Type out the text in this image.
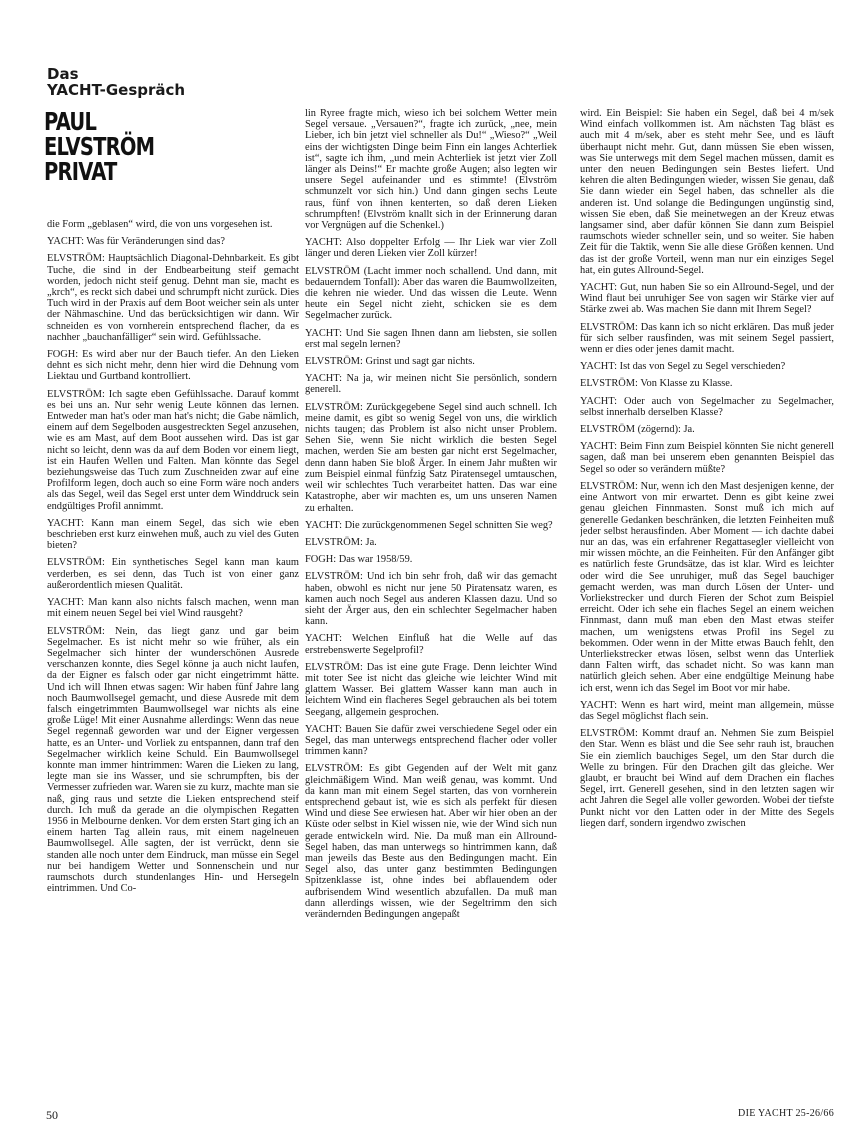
Das
YACHT-Gespräch
PAUL
ELVSTRÖM
PRIVAT

die Form „geblasen“ wird, die von uns vorgesehen ist.

YACHT: Was für Veränderungen sind das?

ELVSTRÖM: Hauptsächlich Diagonal-Dehnbarkeit. Es gibt Tuche, die sind in der Endbearbeitung steif gemacht worden, jedoch nicht steif genug. Dehnt man sie, macht es „krch“, es reckt sich dabei und schrumpft nicht zurück. Dies Tuch wird in der Praxis auf dem Boot weicher sein als unter der Nähmaschine. Und das berücksichtigen wir dann. Wir schneiden es von vornherein entsprechend flacher, da es nachher „bauchanfälliger“ sein wird. Gefühlssache.

FOGH: Es wird aber nur der Bauch tiefer. An den Lieken dehnt es sich nicht mehr, denn hier wird die Dehnung vom Liektau und Gurtband kontrolliert.

ELVSTRÖM: Ich sagte eben Gefühlssache. Darauf kommt es bei uns an. Nur sehr wenig Leute können das lernen. Entweder man hat's oder man hat's nicht; die Gabe nämlich, einem auf dem Segelboden ausgestreckten Segel anzusehen, wie es am Mast, auf dem Boot aussehen wird. Das ist gar nicht so leicht, denn was da auf dem Boden vor einem liegt, ist ein Haufen Wellen und Falten. Man könnte das Segel beziehungsweise das Tuch zum Zuschneiden zwar auf eine Profilform legen, doch auch so eine Form wäre noch anders als das Segel, weil das Segel erst unter dem Winddruck sein endgültiges Profil annimmt.

YACHT: Kann man einem Segel, das sich wie eben beschrieben erst kurz einwehen muß, auch zu viel des Guten bieten?

ELVSTRÖM: Ein synthetisches Segel kann man kaum verderben, es sei denn, das Tuch ist von einer ganz außerordentlich miesen Qualität.

YACHT: Man kann also nichts falsch machen, wenn man mit einem neuen Segel bei viel Wind rausgeht?

ELVSTRÖM: Nein, das liegt ganz und gar beim Segelmacher. Es ist nicht mehr so wie früher, als ein Segelmacher sich hinter der wunderschönen Ausrede verschanzen konnte, dies Segel könne ja auch nicht laufen, da der Eigner es falsch oder gar nicht eingetrimmt hätte. Und ich will Ihnen etwas sagen: Wir haben fünf Jahre lang noch Baumwollsegel gemacht, und diese Ausrede mit dem falsch eingetrimmten Baumwollsegel war nichts als eine große Lüge! Mit einer Ausnahme allerdings: Wenn das neue Segel regennaß geworden war und der Eigner vergessen hatte, es an Unter- und Vorliek zu entspannen, dann traf den Segelmacher wirklich keine Schuld. Ein Baumwollsegel konnte man immer hintrimmen: Waren die Lieken zu lang, legte man sie ins Wasser, und sie schrumpften, bis der Vermesser zufrieden war. Waren sie zu kurz, machte man sie naß, ging raus und setzte die Lieken entsprechend steif durch. Ich muß da gerade an die olympischen Regatten 1956 in Melbourne denken. Vor dem ersten Start ging ich an einem harten Tag allein raus, mit einem nagelneuen Baumwollsegel. Alle sagten, der ist verrückt, denn sie standen alle noch unter dem Eindruck, man müsse ein Segel nur bei handigem Wetter und Sonnenschein und nur raumschots durch stundenlanges Hin- und Hersegeln eintrimmen. Und Co-

lin Ryree fragte mich, wieso ich bei solchem Wetter mein Segel versaue. „Versauen?“, fragte ich zurück, „nee, mein Lieber, ich bin jetzt viel schneller als Du!“ „Wieso?“ „Weil eins der wichtigsten Dinge beim Finn ein langes Achterliek ist“, sagte ich ihm, „und mein Achterliek ist jetzt vier Zoll länger als Deins!“ Er machte große Augen; also legten wir unsere Segel aufeinander und es stimmte! (Elvström schmunzelt vor sich hin.) Und dann gingen sechs Leute raus, fünf von ihnen kenterten, so daß deren Lieken schrumpften! (Elvström knallt sich in der Erinnerung daran vor Vergnügen auf die Schenkel.)

YACHT: Also doppelter Erfolg — Ihr Liek war vier Zoll länger und deren Lieken vier Zoll kürzer!

ELVSTRÖM (Lacht immer noch schallend. Und dann, mit bedauerndem Tonfall): Aber das waren die Baumwollzeiten, die kehren nie wieder. Und das wissen die Leute. Wenn heute ein Segel nicht zieht, schicken sie es dem Segelmacher zurück.

YACHT: Und Sie sagen Ihnen dann am liebsten, sie sollen erst mal segeln lernen?

ELVSTRÖM: Grinst und sagt gar nichts.

YACHT: Na ja, wir meinen nicht Sie persönlich, sondern generell.

ELVSTRÖM: Zurückgegebene Segel sind auch schnell. Ich meine damit, es gibt so wenig Segel von uns, die wirklich nichts taugen; das Problem ist also nicht unser Problem. Sehen Sie, wenn Sie nicht wirklich die besten Segel machen, werden Sie am besten gar nicht erst Segelmacher, denn dann haben Sie bloß Ärger. In einem Jahr mußten wir zum Beispiel einmal fünfzig Satz Piratensegel umtauschen, weil wir schlechtes Tuch verarbeitet hatten. Das war eine Katastrophe, aber wir machten es, um uns unseren Namen zu erhalten.

YACHT: Die zurückgenommenen Segel schnitten Sie weg?

ELVSTRÖM: Ja.

FOGH: Das war 1958/59.

ELVSTRÖM: Und ich bin sehr froh, daß wir das gemacht haben, obwohl es nicht nur jene 50 Piratensatz waren, es kamen auch noch Segel aus anderen Klassen dazu. Und so sieht der Ärger aus, den ein schlechter Segelmacher haben kann.

YACHT: Welchen Einfluß hat die Welle auf das erstrebenswerte Segelprofil?

ELVSTRÖM: Das ist eine gute Frage. Denn leichter Wind mit toter See ist nicht das gleiche wie leichter Wind mit glattem Wasser. Bei glattem Wasser kann man auch in leichtem Wind ein flacheres Segel gebrauchen als bei totem Seegang, allgemein gesprochen.

YACHT: Bauen Sie dafür zwei verschiedene Segel oder ein Segel, das man unterwegs entsprechend flacher oder voller trimmen kann?

ELVSTRÖM: Es gibt Gegenden auf der Welt mit ganz gleichmäßigem Wind. Man weiß genau, was kommt. Und da kann man mit einem Segel starten, das von vornherein entsprechend gebaut ist, wie es sich als perfekt für diesen Wind und diese See erwiesen hat. Aber wir hier oben an der Küste oder selbst in Kiel wissen nie, wie der Wind sich nun gerade entwickeln wird. Nie. Da muß man ein Allround-Segel haben, das man unterwegs so hintrimmen kann, daß man jeweils das Beste aus den Bedingungen macht. Ein Segel also, das unter ganz bestimmten Bedingungen Spitzenklasse ist, ohne indes bei abflauendem oder aufbrisendem Wind wesentlich abzufallen. Da muß man dann allerdings wissen, wie der Segeltrimm den sich verändernden Bedingungen angepaßt

wird. Ein Beispiel: Sie haben ein Segel, daß bei 4 m/sek Wind einfach vollkommen ist. Am nächsten Tag bläst es auch mit 4 m/sek, aber es steht mehr See, und es läuft überhaupt nicht mehr. Gut, dann müssen Sie eben wissen, was Sie unterwegs mit dem Segel machen müssen, damit es unter den neuen Bedingungen sein Bestes liefert. Und kehren die alten Bedingungen wieder, wissen Sie genau, daß Sie dann wieder ein Segel haben, das schneller als die anderen ist. Und solange die Bedingungen ungünstig sind, wissen Sie eben, daß Sie meinetwegen an der Kreuz etwas langsamer sind, aber dafür können Sie dann zum Beispiel raumschots wieder schneller sein, und so weiter. Sie haben Zeit für die Taktik, wenn Sie alle diese Größen kennen. Und das ist der große Vorteil, wenn man nur ein einziges Segel hat, ein gutes Allround-Segel.

YACHT: Gut, nun haben Sie so ein Allround-Segel, und der Wind flaut bei unruhiger See von sagen wir Stärke vier auf Stärke zwei ab. Was machen Sie dann mit Ihrem Segel?

ELVSTRÖM: Das kann ich so nicht erklären. Das muß jeder für sich selber rausfinden, was mit seinem Segel passiert, wenn er dies oder jenes damit macht.

YACHT: Ist das von Segel zu Segel verschieden?

ELVSTRÖM: Von Klasse zu Klasse.

YACHT: Oder auch von Segelmacher zu Segelmacher, selbst innerhalb derselben Klasse?

ELVSTRÖM (zögernd): Ja.

YACHT: Beim Finn zum Beispiel könnten Sie nicht generell sagen, daß man bei unserem eben genannten Beispiel das Segel so oder so verändern müßte?

ELVSTRÖM: Nur, wenn ich den Mast desjenigen kenne, der eine Antwort von mir erwartet. Denn es gibt keine zwei genau gleichen Finnmasten. Sonst muß ich mich auf generelle Gedanken beschränken, die letzten Feinheiten muß jeder selbst herausfinden. Aber Moment — ich dachte dabei nur an das, was ein erfahrener Regattasegler vielleicht von mir wissen möchte, an die Feinheiten. Für den Anfänger gibt es natürlich feste Grundsätze, das ist klar. Wird es leichter oder wird die See unruhiger, muß das Segel bauchiger gemacht werden, was man durch Lösen der Unter- und Vorliekstrecker und durch Fieren der Schot zum Beispiel erreicht. Oder ich sehe ein flaches Segel an einem weichen Finnmast, dann muß man eben den Mast etwas steifer machen, um wenigstens etwas Profil ins Segel zu bekommen. Oder wenn in der Mitte etwas Bauch fehlt, den Unterliekstrecker etwas lösen, selbst wenn das Unterliek dann Falten wirft, das schadet nicht. So was kann man natürlich gleich sehen. Aber eine endgültige Meinung habe ich erst, wenn ich das Segel im Boot vor mir habe.

YACHT: Wenn es hart wird, meint man allgemein, müsse das Segel möglichst flach sein.

ELVSTRÖM: Kommt drauf an. Nehmen Sie zum Beispiel den Star. Wenn es bläst und die See sehr rauh ist, brauchen Sie ein ziemlich bauchiges Segel, um den Star durch die Welle zu bringen. Für den Drachen gilt das gleiche. Wer glaubt, er braucht bei Wind auf dem Drachen ein flaches Segel, irrt. Generell gesehen, sind in den letzten sagen wir acht Jahren die Segel alle voller geworden. Wobei der tiefste Punkt nicht vor den Latten oder in der Mitte des Segels liegen darf, sondern irgendwo zwischen

50	DIE YACHT 25-26/66
